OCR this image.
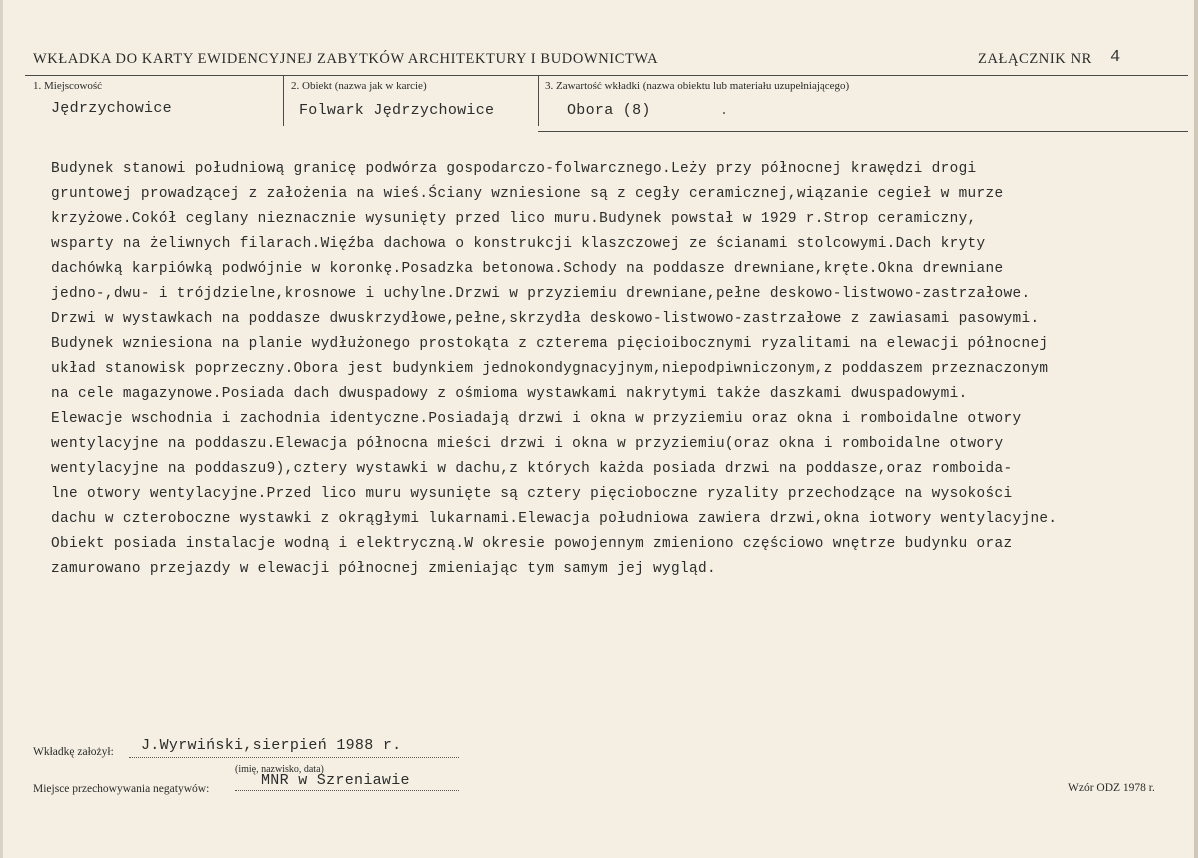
WKŁADKA DO KARTY EWIDENCYJNEJ ZABYTKÓW ARCHITEKTURY I BUDOWNICTWA	ZAŁĄCZNIK NR 4
1. Miejscowość
Jędrzychowice
2. Obiekt (nazwa jak w karcie)
Folwark Jędrzychowice
3. Zawartość wkładki (nazwa obiektu lub materiału uzupełniającego)
Obora (8)
Budynek stanowi południową granicę podwórza gospodarczo-folwarcznego.Leży przy północnej krawędzi drogi
gruntowej prowadzącej z założenia na wieś.Ściany wzniesione są z cegły ceramicznej,wiązanie cegieł w murze
krzyżowe.Cokół ceglany nieznacznie wysunięty przed lico muru.Budynek powstał w 1929 r.Strop ceramiczny,
wsparty na żeliwnych filarach.Więźba dachowa o konstrukcji klaszczowej ze ścianami stolcowymi.Dach kryty
dachówką karpiówką podwójnie w koronkę.Posadzka betonowa.Schody na poddasze drewniane,kręte.Okna drewniane
jedno-,dwu- i trójdzielne,krosnowe i uchylne.Drzwi w przyziemiu drewniane,pełne deskowo-listwowo-zastrzałowe.
Drzwi w wystawkach na poddasze dwuskrzydłowe,pełne,skrzydła deskowo-listwowo-zastrzałowe z zawiasami pasowymi.
Budynek wzniesiona na planie wydłużonego prostokąta z czterema pięcioibocznymi ryzalitami na elewacji północnej
układ stanowisk poprzeczny.Obora jest budynkiem jednokondygnacyjnym,niepodpiwniczonym,z poddaszem przeznaczonym
na cele magazynowe.Posiada dach dwuspadowy z ośmioma wystawkami nakrytymi także daszkami dwuspadowymi.
Elewacje wschodnia i zachodnia identyczne.Posiadają drzwi i okna w przyziemiu oraz okna i romboidalne otwory
wentylacyjne na poddaszu.Elewacja północna mieści drzwi i okna w przyziemiu(oraz okna i romboidalne otwory
wentylacyjne na poddaszu9),cztery wystawki w dachu,z których każda posiada drzwi na poddasze,oraz romboida-
lne otwory wentylacyjne.Przed lico muru wysunięte są cztery pięcioboczne ryzality przechodzące na wysokości
dachu w czteroboczne wystawki z okrągłymi lukarnami.Elewacja południowa zawiera drzwi,okna iotwory wentylacyjne.
Obiekt posiada instalacje wodną i elektryczną.W okresie powojennym zmieniono częściowo wnętrze budynku oraz
zamurowano przejazdy w elewacji północnej zmieniając tym samym jej wygląd.
Wkładkę założył: J.Wyrwiński,sierpień 1988 r.
(imię, nazwisko, data)
Miejsce przechowywania negatywów:	MNR w Szreniawie	Wzór ODZ 1978 r.
